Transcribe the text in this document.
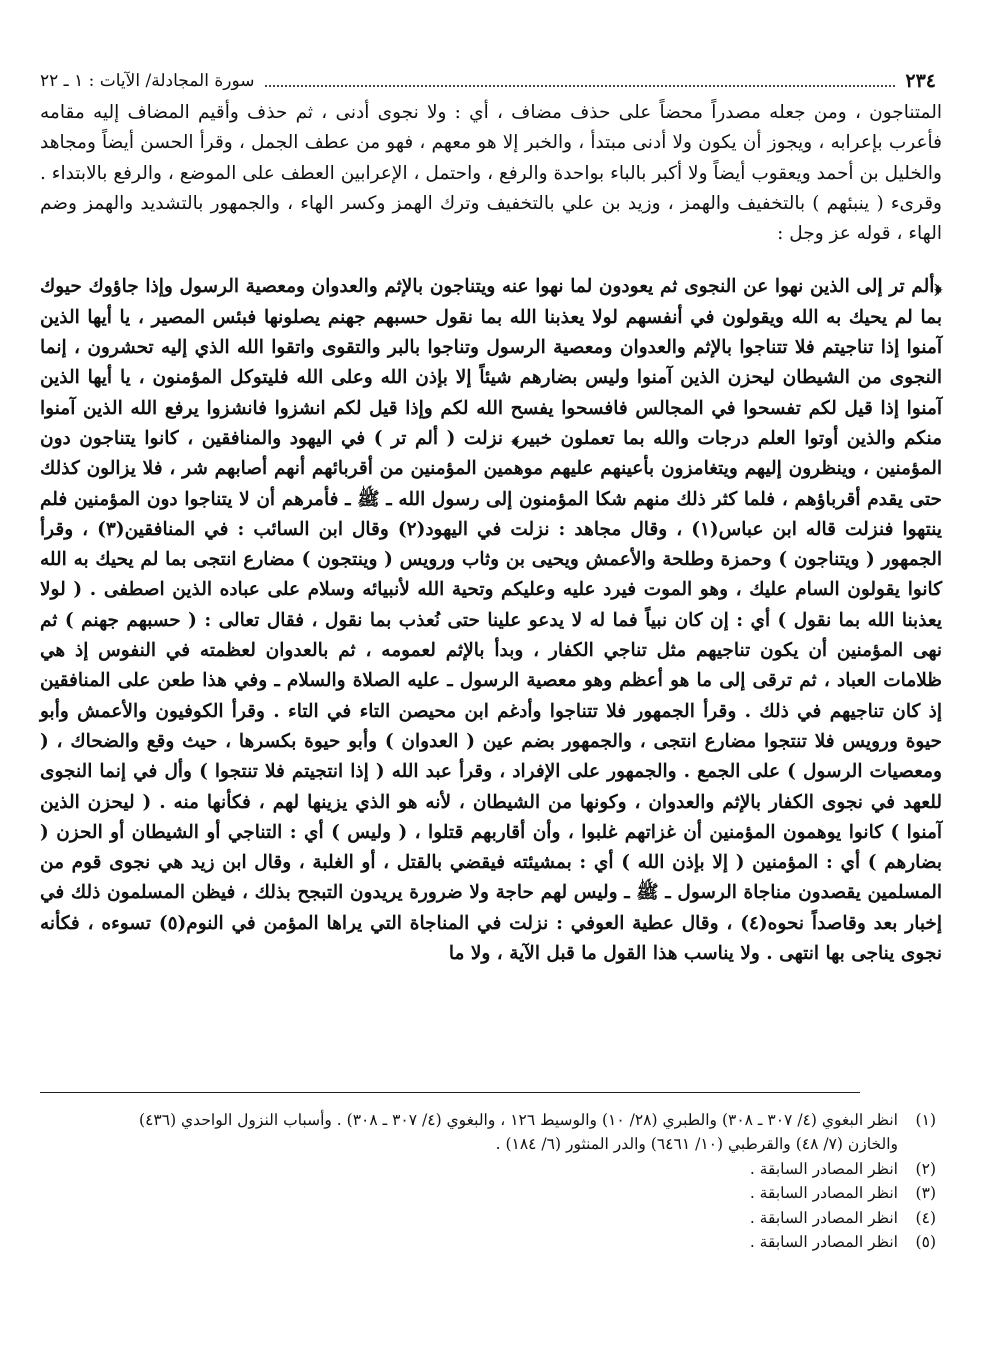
٢٣٤
سورة المجادلة/ الآيات : ١ ـ ٢٢

المتناجون ، ومن جعله مصدراً محضاً على حذف مضاف ، أي : ولا نجوى أدنى ، ثم حذف وأقيم المضاف إليه مقامه فأعرب بإعرابه ، ويجوز أن يكون ولا أدنى مبتدأ ، والخبر إلا هو معهم ، فهو من عطف الجمل ، وقرأ الحسن أيضاً ومجاهد والخليل بن أحمد ويعقوب أيضاً ولا أكبر بالباء بواحدة والرفع ، واحتمل ، الإعرابين العطف على الموضع ، والرفع بالابتداء . وقرىء ( ينبئهم ) بالتخفيف والهمز ، وزيد بن علي بالتخفيف وترك الهمز وكسر الهاء ، والجمهور بالتشديد والهمز وضم الهاء ، قوله عز وجل :

﴿ألم تر إلى الذين نهوا عن النجوى ثم يعودون لما نهوا عنه ويتناجون بالإثم والعدوان ومعصية الرسول وإذا جاؤوك حيوك بما لم يحيك به الله ويقولون في أنفسهم لولا يعذبنا الله بما نقول حسبهم جهنم يصلونها فبئس المصير ، يا أيها الذين آمنوا إذا تناجيتم فلا تتناجوا بالإثم والعدوان ومعصية الرسول وتناجوا بالبر والتقوى واتقوا الله الذي إليه تحشرون ، إنما النجوى من الشيطان ليحزن الذين آمنوا وليس بضارهم شيئاً إلا بإذن الله وعلى الله فليتوكل المؤمنون ، يا أيها الذين آمنوا إذا قيل لكم تفسحوا في المجالس فافسحوا يفسح الله لكم وإذا قيل لكم انشزوا فانشزوا يرفع الله الذين آمنوا منكم والذين أوتوا العلم درجات والله بما تعملون خبير﴾ نزلت ( ألم تر ) في اليهود والمنافقين ، كانوا يتناجون دون المؤمنين ، وينظرون إليهم ويتغامزون بأعينهم عليهم موهمين المؤمنين من أقربائهم أنهم أصابهم شر ، فلا يزالون كذلك حتى يقدم أقرباؤهم ، فلما كثر ذلك منهم شكا المؤمنون إلى رسول الله ـ ﷺ ـ فأمرهم أن لا يتناجوا دون المؤمنين فلم ينتهوا فنزلت قاله ابن عباس(١) ، وقال مجاهد : نزلت في اليهود(٢) وقال ابن السائب : في المنافقين(٣) ، وقرأ الجمهور ( ويتناجون ) وحمزة وطلحة والأعمش ويحيى بن وثاب ورويس ( وينتجون ) مضارع انتجى بما لم يحيك به الله كانوا يقولون السام عليك ، وهو الموت فيرد عليه وعليكم وتحية الله لأنبيائه وسلام على عباده الذين اصطفى . ( لولا يعذبنا الله بما نقول ) أي : إن كان نبياً فما له لا يدعو علينا حتى نُعذب بما نقول ، فقال تعالى : ( حسبهم جهنم ) ثم نهى المؤمنين أن يكون تناجيهم مثل تناجي الكفار ، وبدأ بالإثم لعمومه ، ثم بالعدوان لعظمته في النفوس إذ هي ظلامات العباد ، ثم ترقى إلى ما هو أعظم وهو معصية الرسول ـ عليه الصلاة والسلام ـ وفي هذا طعن على المنافقين إذ كان تناجيهم في ذلك . وقرأ الجمهور فلا تتناجوا وأدغم ابن محيصن التاء في التاء . وقرأ الكوفيون والأعمش وأبو حيوة ورويس فلا تنتجوا مضارع انتجى ، والجمهور بضم عين ( العدوان ) وأبو حيوة بكسرها ، حيث وقع والضحاك ، ( ومعصيات الرسول ) على الجمع . والجمهور على الإفراد ، وقرأ عبد الله ( إذا انتجيتم فلا تنتجوا ) وأل في إنما النجوى للعهد في نجوى الكفار بالإثم والعدوان ، وكونها من الشيطان ، لأنه هو الذي يزينها لهم ، فكأنها منه . ( ليحزن الذين آمنوا ) كانوا يوهمون المؤمنين أن غزاتهم غلبوا ، وأن أقاربهم قتلوا ، ( وليس ) أي : التناجي أو الشيطان أو الحزن ( بضارهم ) أي : المؤمنين ( إلا بإذن الله ) أي : بمشيئته فيقضي بالقتل ، أو الغلبة ، وقال ابن زيد هي نجوى قوم من المسلمين يقصدون مناجاة الرسول ـ ﷺ ـ وليس لهم حاجة ولا ضرورة يريدون التبجح بذلك ، فيظن المسلمون ذلك في إخبار بعد وقاصداً نحوه(٤) ، وقال عطية العوفي : نزلت في المناجاة التي يراها المؤمن في النوم(٥) تسوءه ، فكأنه نجوى يناجى بها انتهى . ولا يناسب هذا القول ما قبل الآية ، ولا ما

(١)
انظر البغوي (٤/ ٣٠٧ ـ ٣٠٨) والطبري (٢٨/ ١٠) والوسيط ١٢٦ ، والبغوي (٤/ ٣٠٧ ـ ٣٠٨) . وأسباب النزول الواحدي (٤٣٦)
والخازن (٧/ ٤٨) والقرطبي (١٠/ ٦٤٦١) والدر المنثور (٦/ ١٨٤) .
(٢)
انظر المصادر السابقة .
(٣)
انظر المصادر السابقة .
(٤)
انظر المصادر السابقة .
(٥)
انظر المصادر السابقة .
